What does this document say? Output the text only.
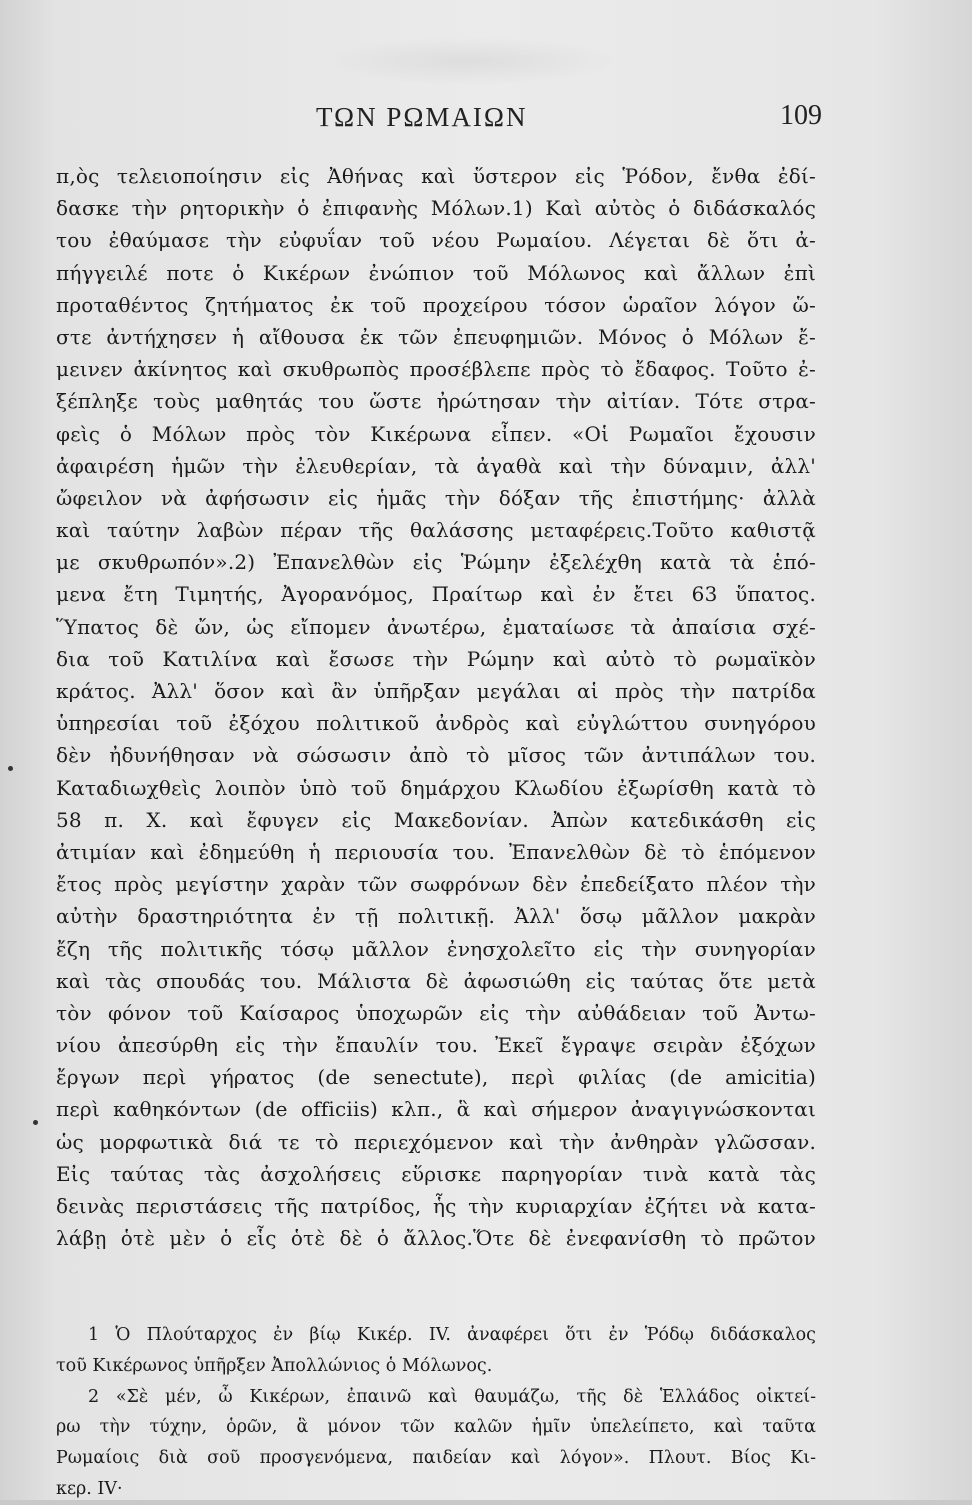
ΤΩΝ ΡΩΜΑΙΩΝ	109
π,ὸς τελειοποίησιν εἰς Ἀθήνας καὶ ὕστερον εἰς Ῥόδον, ἔνθα ἐδί-
δασκε τὴν ρητορικὴν ὁ ἐπιφανὴς Μόλων.1) Καὶ αὐτὸς ὁ διδάσκαλός
του ἐθαύμασε τὴν εὐφυΐαν τοῦ νέου Ρωμαίου. Λέγεται δὲ ὅτι ἀ-
πήγγειλέ ποτε ὁ Κικέρων ἐνώπιον τοῦ Μόλωνος καὶ ἄλλων ἐπὶ
προταθέντος ζητήματος ἐκ τοῦ προχείρου τόσον ὡραῖον λόγον ὥ-
στε ἀντήχησεν ἡ αἴθουσα ἐκ τῶν ἐπευφημιῶν. Μόνος ὁ Μόλων ἔ-
μεινεν ἀκίνητος καὶ σκυθρωπὸς προσέβλεπε πρὸς τὸ ἔδαφος. Τοῦτο ἐ-
ξέπληξε τοὺς μαθητάς του ὥστε ἠρώτησαν τὴν αἰτίαν. Τότε στρα-
φεὶς ὁ Μόλων πρὸς τὸν Κικέρωνα εἶπεν. «Οἱ Ρωμαῖοι ἔχουσιν
ἀφαιρέση ἡμῶν τὴν ἐλευθερίαν, τὰ ἀγαθὰ καὶ τὴν δύναμιν, ἀλλ'
ὤφειλον νὰ ἀφήσωσιν εἰς ἡμᾶς τὴν δόξαν τῆς ἐπιστήμης· ἀλλὰ
καὶ ταύτην λαβὼν πέραν τῆς θαλάσσης μεταφέρεις.Τοῦτο καθιστᾷ
με σκυθρωπόν».2) Ἐπανελθὼν εἰς Ῥώμην ἐξελέχθη κατὰ τὰ ἑπό-
μενα ἔτη Τιμητής, Ἀγορανόμος, Πραίτωρ καὶ ἐν ἔτει 63 ὕπατος.
Ὕπατος δὲ ὤν, ὡς εἴπομεν ἀνωτέρω, ἐματαίωσε τὰ ἀπαίσια σχέ-
δια τοῦ Κατιλίνα καὶ ἔσωσε τὴν Ρώμην καὶ αὐτὸ τὸ ρωμαϊκὸν
κράτος. Ἀλλ' ὅσον καὶ ἂν ὑπῆρξαν μεγάλαι αἱ πρὸς τὴν πατρίδα
ὑπηρεσίαι τοῦ ἐξόχου πολιτικοῦ ἀνδρὸς καὶ εὐγλώττου συνηγόρου
δὲν ἠδυνήθησαν νὰ σώσωσιν ἀπὸ τὸ μῖσος τῶν ἀντιπάλων του.
Καταδιωχθεὶς λοιπὸν ὑπὸ τοῦ δημάρχου Κλωδίου ἐξωρίσθη κατὰ τὸ
58 π. Χ. καὶ ἔφυγεν εἰς Μακεδονίαν. Ἀπὼν κατεδικάσθη εἰς
ἀτιμίαν καὶ ἐδημεύθη ἡ περιουσία του. Ἐπανελθὼν δὲ τὸ ἑπόμενον
ἔτος πρὸς μεγίστην χαρὰν τῶν σωφρόνων δὲν ἐπεδείξατο πλέον τὴν
αὐτὴν δραστηριότητα ἐν τῇ πολιτικῇ. Ἀλλ' ὅσῳ μᾶλλον μακρὰν
ἔζη τῆς πολιτικῆς τόσῳ μᾶλλον ἐνησχολεῖτο εἰς τὴν συνηγορίαν
καὶ τὰς σπουδάς του. Μάλιστα δὲ ἀφωσιώθη εἰς ταύτας ὅτε μετὰ
τὸν φόνον τοῦ Καίσαρος ὑποχωρῶν εἰς τὴν αὐθάδειαν τοῦ Ἀντω-
νίου ἀπεσύρθη εἰς τὴν ἔπαυλίν του. Ἐκεῖ ἔγραψε σειρὰν ἐξόχων
ἔργων περὶ γήρατος (de senectute), περὶ φιλίας (de amicitia)
περὶ καθηκόντων (de officiis) κλπ., ἃ καὶ σήμερον ἀναγιγνώσκονται
ὡς μορφωτικὰ διά τε τὸ περιεχόμενον καὶ τὴν ἀνθηρὰν γλῶσσαν.
Εἰς ταύτας τὰς ἀσχολήσεις εὕρισκε παρηγορίαν τινὰ κατὰ τὰς
δεινὰς περιστάσεις τῆς πατρίδος, ἧς τὴν κυριαρχίαν ἐζήτει νὰ κατα-
λάβῃ ὁτὲ μὲν ὁ εἷς ὁτὲ δὲ ὁ ἄλλος.Ὅτε δὲ ἐνεφανίσθη τὸ πρῶτον
1 Ὁ Πλούταρχος ἐν βίῳ Κικέρ. IV. ἀναφέρει ὅτι ἐν Ῥόδῳ διδάσκαλος
τοῦ Κικέρωνος ὑπῆρξεν Ἀπολλώνιος ὁ Μόλωνος.
2 «Σὲ μέν, ὦ Κικέρων, ἐπαινῶ καὶ θαυμάζω, τῆς δὲ Ἑλλάδος οἰκτεί-
ρω τὴν τύχην, ὁρῶν, ἃ μόνον τῶν καλῶν ἡμῖν ὑπελείπετο, καὶ ταῦτα
Ρωμαίοις διὰ σοῦ προσγενόμενα, παιδείαν καὶ λόγον». Πλουτ. Βίος Κι-
κερ. IV·
